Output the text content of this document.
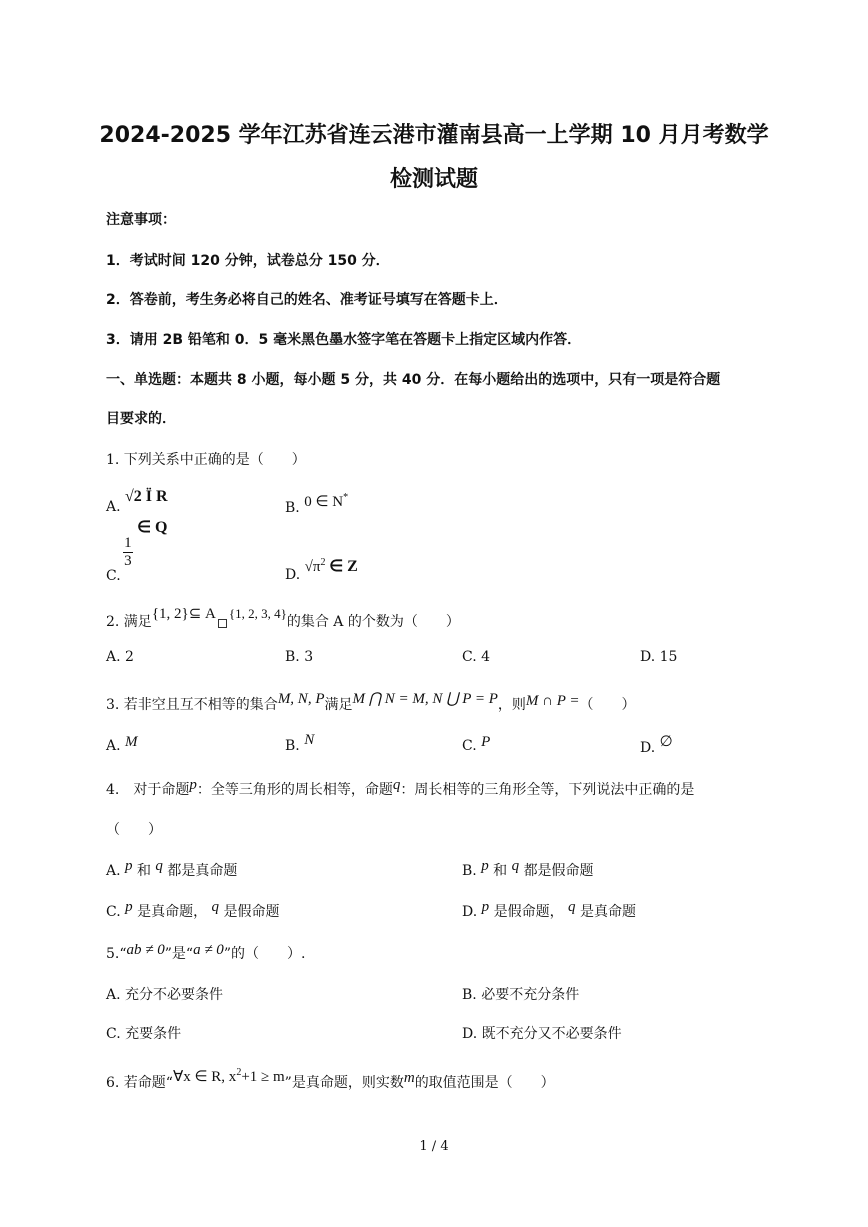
2024-2025 学年江苏省连云港市灌南县高一上学期 10 月月考数学
检测试题
注意事项：
1．考试时间 120 分钟，试卷总分 150 分．
2．答卷前，考生务必将自己的姓名、准考证号填写在答题卡上．
3．请用 2B 铅笔和 0．5 毫米黑色墨水签字笔在答题卡上指定区域内作答．
一、单选题：本题共 8 小题，每小题 5 分，共 40 分．在每小题给出的选项中，只有一项是符合题
目要求的．
1. 下列关系中正确的是（　　）
A. √2 Ï R
B. 0 ∈ N*
C.
$\frac{1}{3}$
∈ Q
D. $√\pi^2$ ∈ Z
2. 满足{1, 2}⊆ A {1, 2, 3, 4}的集合 A 的个数为（　　）
A. 2	B. 3	C. 4	D. 15
3. 若非空且互不相等的集合M, N, P满足M ⋂ N = M, N ⋃ P = P，则M ∩ P =（　　）
A. M	B. N	C. P	D. ∅
4.　对于命题p：全等三角形的周长相等，命题q：周长相等的三角形全等，下列说法中正确的是
（　　）
A. p 和 q 都是真命题	B. p 和 q 都是假命题
C. p 是真命题， q 是假命题	D. p 是假命题， q 是真命题
5.“ab ≠ 0”是“a ≠ 0”的（　　）.
A. 充分不必要条件	B. 必要不充分条件
C. 充要条件	D. 既不充分又不必要条件
6. 若命题“∀x ∈ R, $x^2+1 \ge m$”是真命题，则实数m的取值范围是（　　）
1 / 4
